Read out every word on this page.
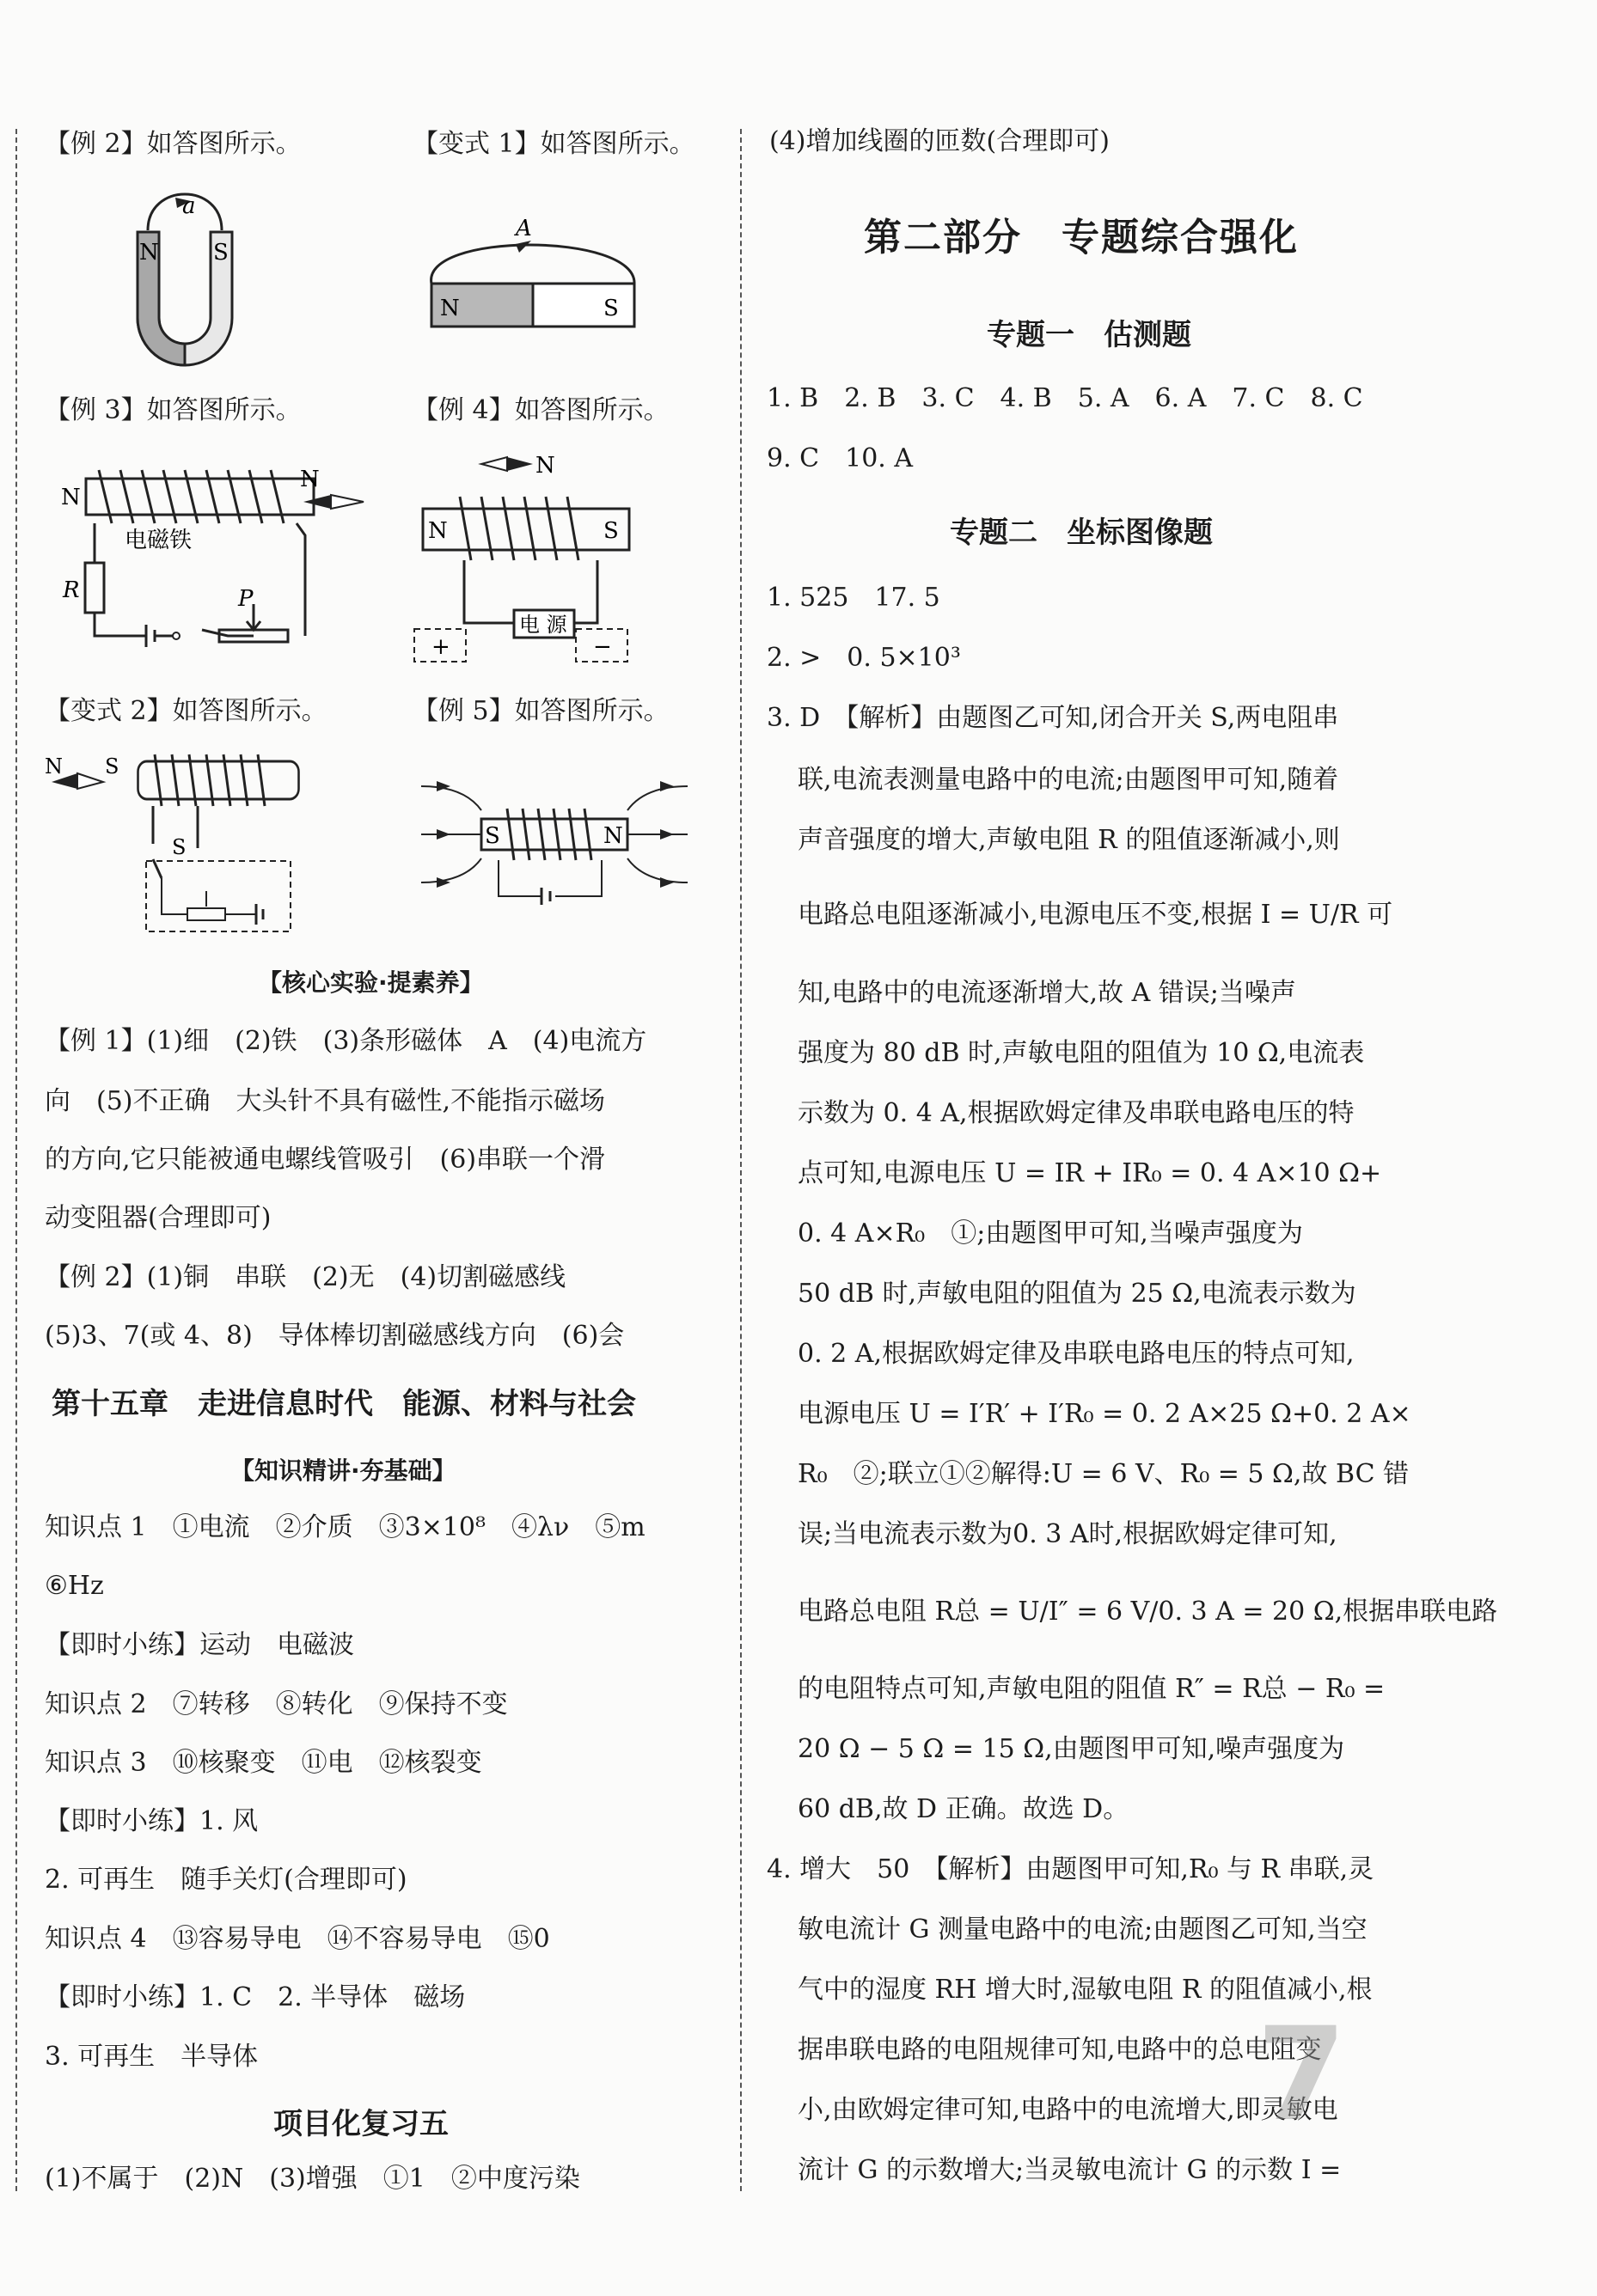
【例 2】如答图所示。	【变式 1】如答图所示。
a
N S
A
N	S
【例 3】如答图所示。	【例 4】如答图所示。
N
电磁铁
R	P
N
N
N	S
电 源
+	−
【变式 2】如答图所示。	【例 5】如答图所示。
N S
S	S	N
【核心实验·提素养】
【例 1】(1)细　(2)铁　(3)条形磁体　A　(4)电流方
向　(5)不正确　大头针不具有磁性,不能指示磁场
的方向,它只能被通电螺线管吸引　(6)串联一个滑
动变阻器(合理即可)
【例 2】(1)铜　串联　(2)无　(4)切割磁感线
(5)3、7(或 4、8)　导体棒切割磁感线方向　(6)会
第十五章　走进信息时代　能源、材料与社会
【知识精讲·夯基础】
知识点 1　①电流　②介质　③3×10⁸　④λν　⑤m
⑥Hz
【即时小练】运动　电磁波
知识点 2　⑦转移　⑧转化　⑨保持不变
知识点 3　⑩核聚变　⑪电　⑫核裂变
【即时小练】1. 风
2. 可再生　随手关灯(合理即可)
知识点 4　⑬容易导电　⑭不容易导电　⑮0
【即时小练】1. C　2. 半导体　磁场
3. 可再生　半导体
项目化复习五
(1)不属于　(2)N　(3)增强　①1　②中度污染
(4)增加线圈的匝数(合理即可)
第二部分　专题综合强化
专题一　估测题
1. B　2. B　3. C　4. B　5. A　6. A　7. C　8. C
9. C　10. A
专题二　坐标图像题
1. 525　17. 5
2. >　0. 5×10³
3. D　【解析】由题图乙可知,闭合开关 S,两电阻串
联,电流表测量电路中的电流;由题图甲可知,随着
声音强度的增大,声敏电阻 R 的阻值逐渐减小,则
电路总电阻逐渐减小,电源电压不变,根据 I = U/R 可
知,电路中的电流逐渐增大,故 A 错误;当噪声
强度为 80 dB 时,声敏电阻的阻值为 10 Ω,电流表
示数为 0. 4 A,根据欧姆定律及串联电路电压的特
点可知,电源电压 U = IR + IR₀ = 0. 4 A×10 Ω+
0. 4 A×R₀　①;由题图甲可知,当噪声强度为
50 dB 时,声敏电阻的阻值为 25 Ω,电流表示数为
0. 2 A,根据欧姆定律及串联电路电压的特点可知,
电源电压 U = I′R′ + I′R₀ = 0. 2 A×25 Ω+0. 2 A×
R₀　②;联立①②解得:U = 6 V、R₀ = 5 Ω,故 BC 错
误;当电流表示数为0. 3 A时,根据欧姆定律可知,
电路总电阻 R总 = U/I″ = 6 V/0. 3 A = 20 Ω,根据串联电路
的电阻特点可知,声敏电阻的阻值 R″ = R总 − R₀ =
20 Ω − 5 Ω = 15 Ω,由题图甲可知,噪声强度为
60 dB,故 D 正确。故选 D。
4. 增大　50　【解析】由题图甲可知,R₀ 与 R 串联,灵
敏电流计 G 测量电路中的电流;由题图乙可知,当空
气中的湿度 RH 增大时,湿敏电阻 R 的阻值减小,根
据串联电路的电阻规律可知,电路中的总电阻变
小,由欧姆定律可知,电路中的电流增大,即灵敏电
流计 G 的示数增大;当灵敏电流计 G 的示数 I =
7
